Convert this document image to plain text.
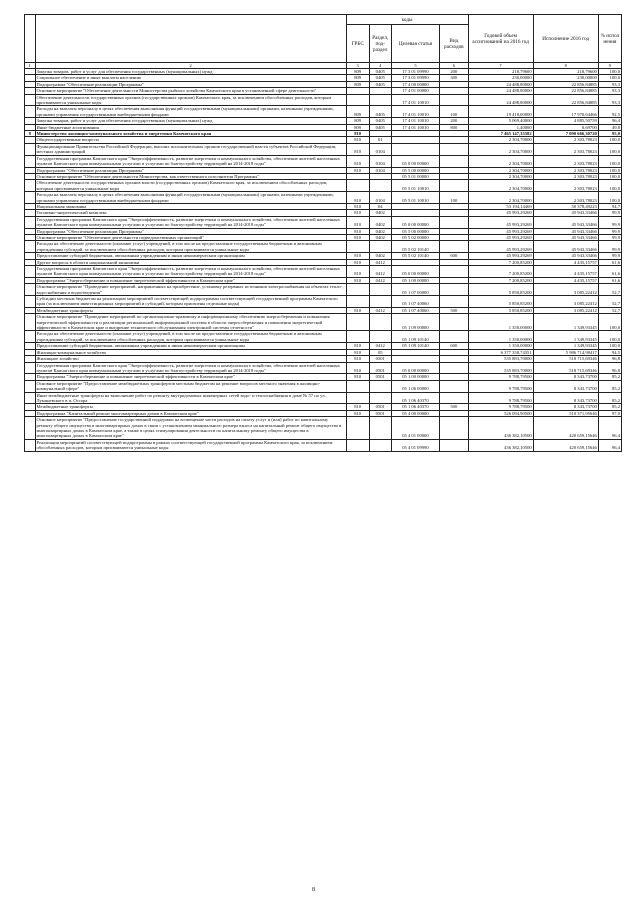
		коды				Годовой объем ассигнований на 2016 год	Исполнение 2016 год	% испол нения
		ГРБС	Раздел, под-раздел	Целевая статья	Вид расходов			
1	2	3	4	5	6	7	8	9
	Закупка товаров, работ и услуг для обеспечения государственных (муниципальных) нужд	809	0405	17 3 01 09990	200	218,79600	218,79600	100,0
	Социальное обеспечение и иные выплаты населению	809	0405	17 3 01 09990	300	230,00000	230,00000	100,0
	Подпрограмма "Обеспечение реализации Программы"	809	0405	17 4 00 00000		24 488,80000	22 856,84885	93,3
	Основное мероприятие "Обеспечение деятельности Министерства рыбного хозяйства Камчатского края в установленной сфере деятельности"			17 4 01 00000		24 488,80000	22 856,84885	93,3
	Обеспечение деятельности государственных органов (государственных органов) Камчатского края, за исключением обособленных расходов, которым присваиваются уникальные коды			17 4 01 10010		24 488,80000	22 856,84885	93,3
	Расходы на выплаты персоналу в целях обеспечения выполнения функций государственными (муниципальными) органами, казенными учреждениями, органами управления государственными внебюджетными фондами	809	0405	17 4 01 10010	100	19 418,00000	17 970,64466	92,5
	Закупка товаров, работ и услуг для обеспечения государственных (муниципальных) нужд	809	0405	17 4 01 10010	200	5 069,40000	4 885,50759	96,4
	Иные бюджетные ассигнования	809	0405	17 4 01 10010	800	1,40000	0,69700	49,8
8	Министерство жилищно-коммунального хозяйства и энергетики Камчатского края	810				7 465 147,35582	7 090 666,30720	95,0
	Общегосударственные вопросы	810	01			2 304,70000	2 303,78023	100,0
	Функционирование Правительства Российской Федерации, высших исполнительных органов государственной власти субъектов Российской Федерации, местных администраций	810	0104			2 304,70000	2 303,78023	100,0
	Государственная программа Камчатского края "Энергоэффективность, развитие энергетики и коммунального хозяйства, обеспечение жителей населенных пунктов Камчатского края коммунальными услугами и услугами по благоустройству территорий на 2014-2018 годы"	810	0104	05 0 00 00000		2 304,70000	2 303,78023	100,0
	Подпрограмма "Обеспечение реализации Программы"	810	0104	05 5 00 00000		2 304,70000	2 303,78023	100,0
	Основное мероприятие "Обеспечение деятельности Министерства, как ответственного исполнителя Программы"			05 5 01 00000		2 304,70000	2 303,78023	100,0
	Обеспечение деятельности государственных органов власти (государственных органов) Камчатского края, за исключением обособленных расходов, которым присваиваются уникальные коды			05 5 01 10010		2 304,70000	2 303,78023	100,0
	Расходы на выплаты персоналу в целях обеспечения выполнения функций государственными (муниципальными) органами, казенными учреждениями, органами управления государственными внебюджетными фондами	810	0104	05 5 01 10010	100	2 304,70000	2 303,78023	100,0
	Национальная экономика	810	04			53 194,14469	50 378,49223	94,7
	Топливно-энергетический комплекс	810	0402			45 993,29269	45 943,33466	99,9
	Государственная программа Камчатского края "Энергоэффективность, развитие энергетики и коммунального хозяйства, обеспечение жителей населенных пунктов Камчатского края коммунальными услугами и услугами по благоустройству территорий на 2014-2018 годы"	810	0402	05 0 00 00000		45 993,29269	45 943,33466	99,9
	Подпрограмма "Обеспечение реализации Программы"	810	0402	05 5 00 00000		45 993,29269	45 943,33466	99,9
	Основное мероприятие "Обеспечение деятельности подведомственных организаций"	810	0402	05 5 02 00000		45 993,29269	45 943,33466	99,9
	Расходы на обеспечение деятельности (оказание услуг) учреждений, в том числе на предоставление государственным бюджетным и автономным учреждениям субсидий, за исключением обособленных расходов, которым присваиваются уникальные коды			05 5 02 10140		45 993,29269	45 943,33466	99,9
	Предоставление субсидий бюджетным, автономным учреждениям и иным некоммерческим организациям	810	0402	05 5 02 10140	600	45 993,29269	45 943,33466	99,9
	Другие вопросы в области национальной экономики	810	0412			7 200,85200	4 435,15757	61,6
	Государственная программа Камчатского края "Энергоэффективность, развитие энергетики и коммунального хозяйства, обеспечение жителей населенных пунктов Камчатского края коммунальными услугами и услугами по благоустройству территорий на 2014-2018 годы"	810	0412	05 0 00 00000		7 200,85200	4 435,15757	61,6
	Подпрограмма "Энергосбережение и повышение энергетической эффективности в Камчатском крае"	810	0412	05 1 00 00000		7 200,85200	4 435,15757	61,6
	Основное мероприятие "Проведение мероприятий, направленных на приобретение, установку резервных источников электроснабжения на объектах тепло-, водоснабжения и водоотведения"			05 1 07 00000		5 850,85200	3 085,22412	52,7
	Субсидии местным бюджетам на реализацию мероприятий соответствующей подпрограммы соответствующей государственной программы Камчатского края (за исключением инвестиционных мероприятий и субсидий, которым присвоены отдельные коды)			05 1 07 40060		5 850,85200	3 085,22412	52,7
	Межбюджетные трансферты	810	0412	05 1 07 40060	500	5 850,85200	3 085,22412	52,7
	Основное мероприятие "Проведение мероприятий по организационно-правовому и информационному обеспечению энергосбережения и повышения энергетической эффективности и реализации региональной информационной системы в области энергосбережения и повышения энергетической эффективности в Камчатском крае и внедрение технического обслуживания электронной системы отчетности"			05 1 09 00000		1 350,00000	1 349,93345	100,0
	Расходы на обеспечение деятельности (оказание услуг) учреждений, в том числе на предоставление государственным бюджетным и автономным учреждениям субсидий, за исключением обособленных расходов, которым присваиваются уникальные коды			05 1 09 10140		1 350,00000	1 349,93345	100,0
	Предоставление субсидий бюджетным, автономным учреждениям и иным некоммерческим организациям	810	0412	05 1 09 10140	600	1 350,00000	1 349,93345	100,0
	Жилищно-коммунальное хозяйство	810	05			6 377 358,74351	5 986 714,98417	94,5
	Жилищное хозяйство	810	0501			535 883,70000	518 715,69346	96,8
	Государственная программа Камчатского края "Энергоэффективность, развитие энергетики и коммунального хозяйства, обеспечение жителей населенных пунктов Камчатского края коммунальными услугами и услугами по благоустройству территорий на 2014-2018 годы"	810	0501	05 0 00 00000		535 883,70000	518 715,69346	96,8
	Подпрограмма "Энергосбережение и повышение энергетической эффективности в Камчатском крае"	810	0501	05 1 00 00000		9 788,79500	8 343,73700	85,2
	Основное мероприятие "Предоставление межбюджетных трансфертов местным бюджетам на решение вопросов местного значения в жилищно-коммунальной сфере"			05 1 06 00000		9 788,79500	8 343,73700	85,2
	Иные межбюджетные трансферты на выполнение работ по ремонту внутридомовых инженерных сетей водо- и теплоснабжения в доме № 57 по ул. Лукашевского в п. Оссора			05 1 06 40370		9 788,79500	8 343,73700	85,2
	Межбюджетные трансферты	810	0501	05 1 06 40370	500	9 788,79500	8 343,73700	85,2
	Подпрограмма "Капитальный ремонт многоквартирных домов в Камчатском крае"	810	0501	05 4 00 00000		526 094,90500	510 371,95646	97,0
	Основное мероприятие "Предоставление государственной поддержки на возмещение части расходов на оплату услуг и (или) работ по капитальному ремонту общего имущества в многоквартирных домах в связи с установлением минимального размера взноса на капитальный ремонт общего имущества в многоквартирных домах в Камчатском крае, а также в целях стимулирования деятельности по капитальному ремонту общего имущества в многоквартирных домах в Камчатском крае"			05 4 01 00000		436 382,10500	420 659,15646	96,4
	Реализация мероприятий соответствующей подпрограммы в рамках соответствующей государственной программы Камчатского края, за исключением обособленных расходов, которым присваиваются уникальные коды			05 4 01 09990		436 382,10500	420 659,15646	96,4
8
